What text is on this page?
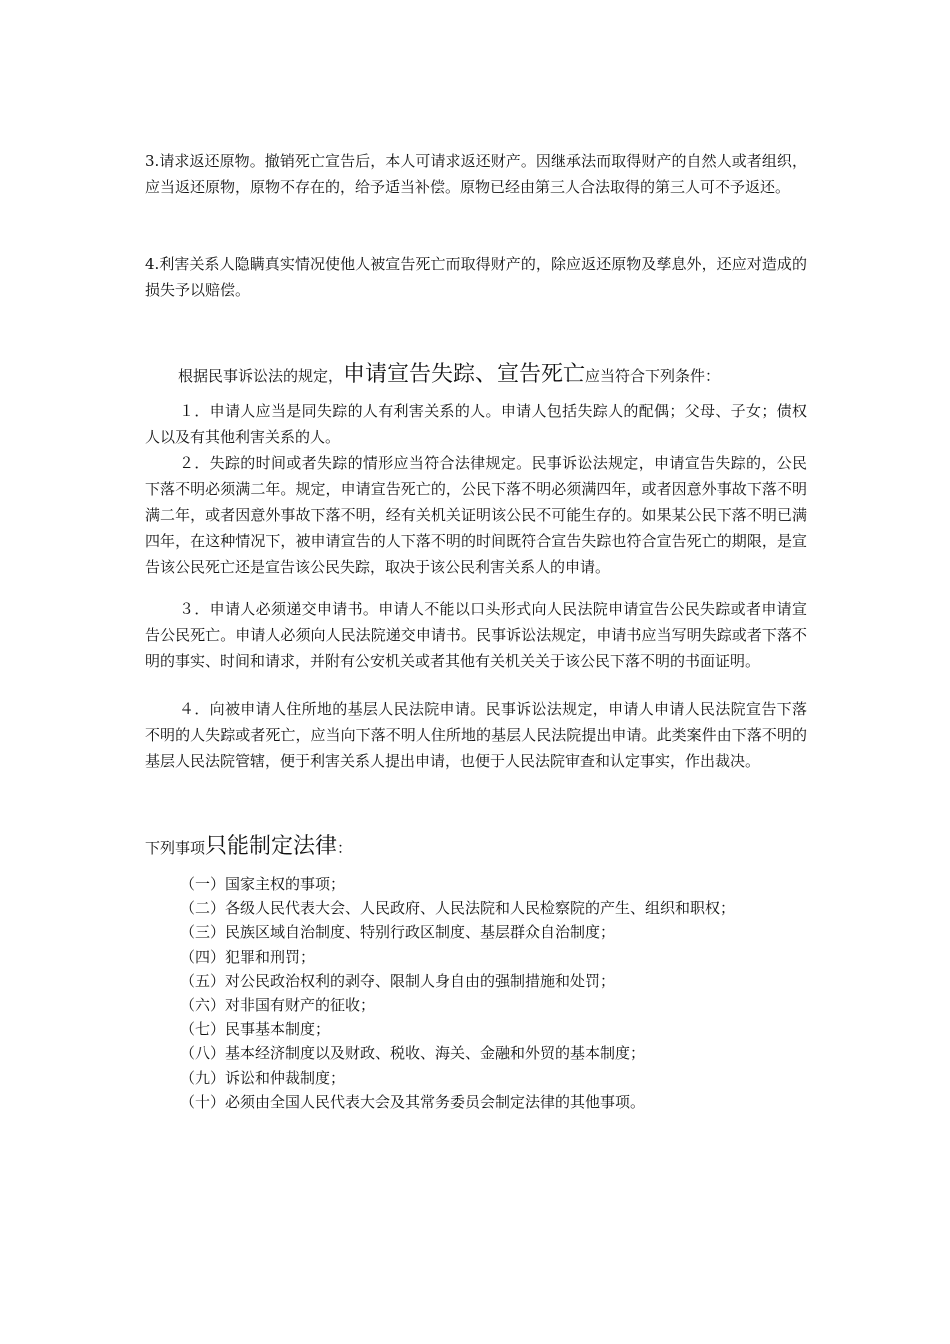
3.请求返还原物。撤销死亡宣告后，本人可请求返还财产。因继承法而取得财产的自然人或者组织，应当返还原物，原物不存在的，给予适当补偿。原物已经由第三人合法取得的第三人可不予返还。

4.利害关系人隐瞒真实情况使他人被宣告死亡而取得财产的，除应返还原物及孳息外，还应对造成的损失予以赔偿。

根据民事诉讼法的规定，申请宣告失踪、宣告死亡应当符合下列条件：

１．申请人应当是同失踪的人有利害关系的人。申请人包括失踪人的配偶；父母、子女；债权人以及有其他利害关系的人。

２．失踪的时间或者失踪的情形应当符合法律规定。民事诉讼法规定，申请宣告失踪的，公民下落不明必须满二年。规定，申请宣告死亡的，公民下落不明必须满四年，或者因意外事故下落不明满二年，或者因意外事故下落不明，经有关机关证明该公民不可能生存的。如果某公民下落不明已满四年，在这种情况下，被申请宣告的人下落不明的时间既符合宣告失踪也符合宣告死亡的期限，是宣告该公民死亡还是宣告该公民失踪，取决于该公民利害关系人的申请。

３．申请人必须递交申请书。申请人不能以口头形式向人民法院申请宣告公民失踪或者申请宣告公民死亡。申请人必须向人民法院递交申请书。民事诉讼法规定，申请书应当写明失踪或者下落不明的事实、时间和请求，并附有公安机关或者其他有关机关关于该公民下落不明的书面证明。

４．向被申请人住所地的基层人民法院申请。民事诉讼法规定，申请人申请人民法院宣告下落不明的人失踪或者死亡，应当向下落不明人住所地的基层人民法院提出申请。此类案件由下落不明的基层人民法院管辖，便于利害关系人提出申请，也便于人民法院审查和认定事实，作出裁决。

下列事项只能制定法律：

（一）国家主权的事项；
（二）各级人民代表大会、人民政府、人民法院和人民检察院的产生、组织和职权；
（三）民族区域自治制度、特别行政区制度、基层群众自治制度；
（四）犯罪和刑罚；
（五）对公民政治权利的剥夺、限制人身自由的强制措施和处罚；
（六）对非国有财产的征收；
（七）民事基本制度；
（八）基本经济制度以及财政、税收、海关、金融和外贸的基本制度；
（九）诉讼和仲裁制度；
（十）必须由全国人民代表大会及其常务委员会制定法律的其他事项。
